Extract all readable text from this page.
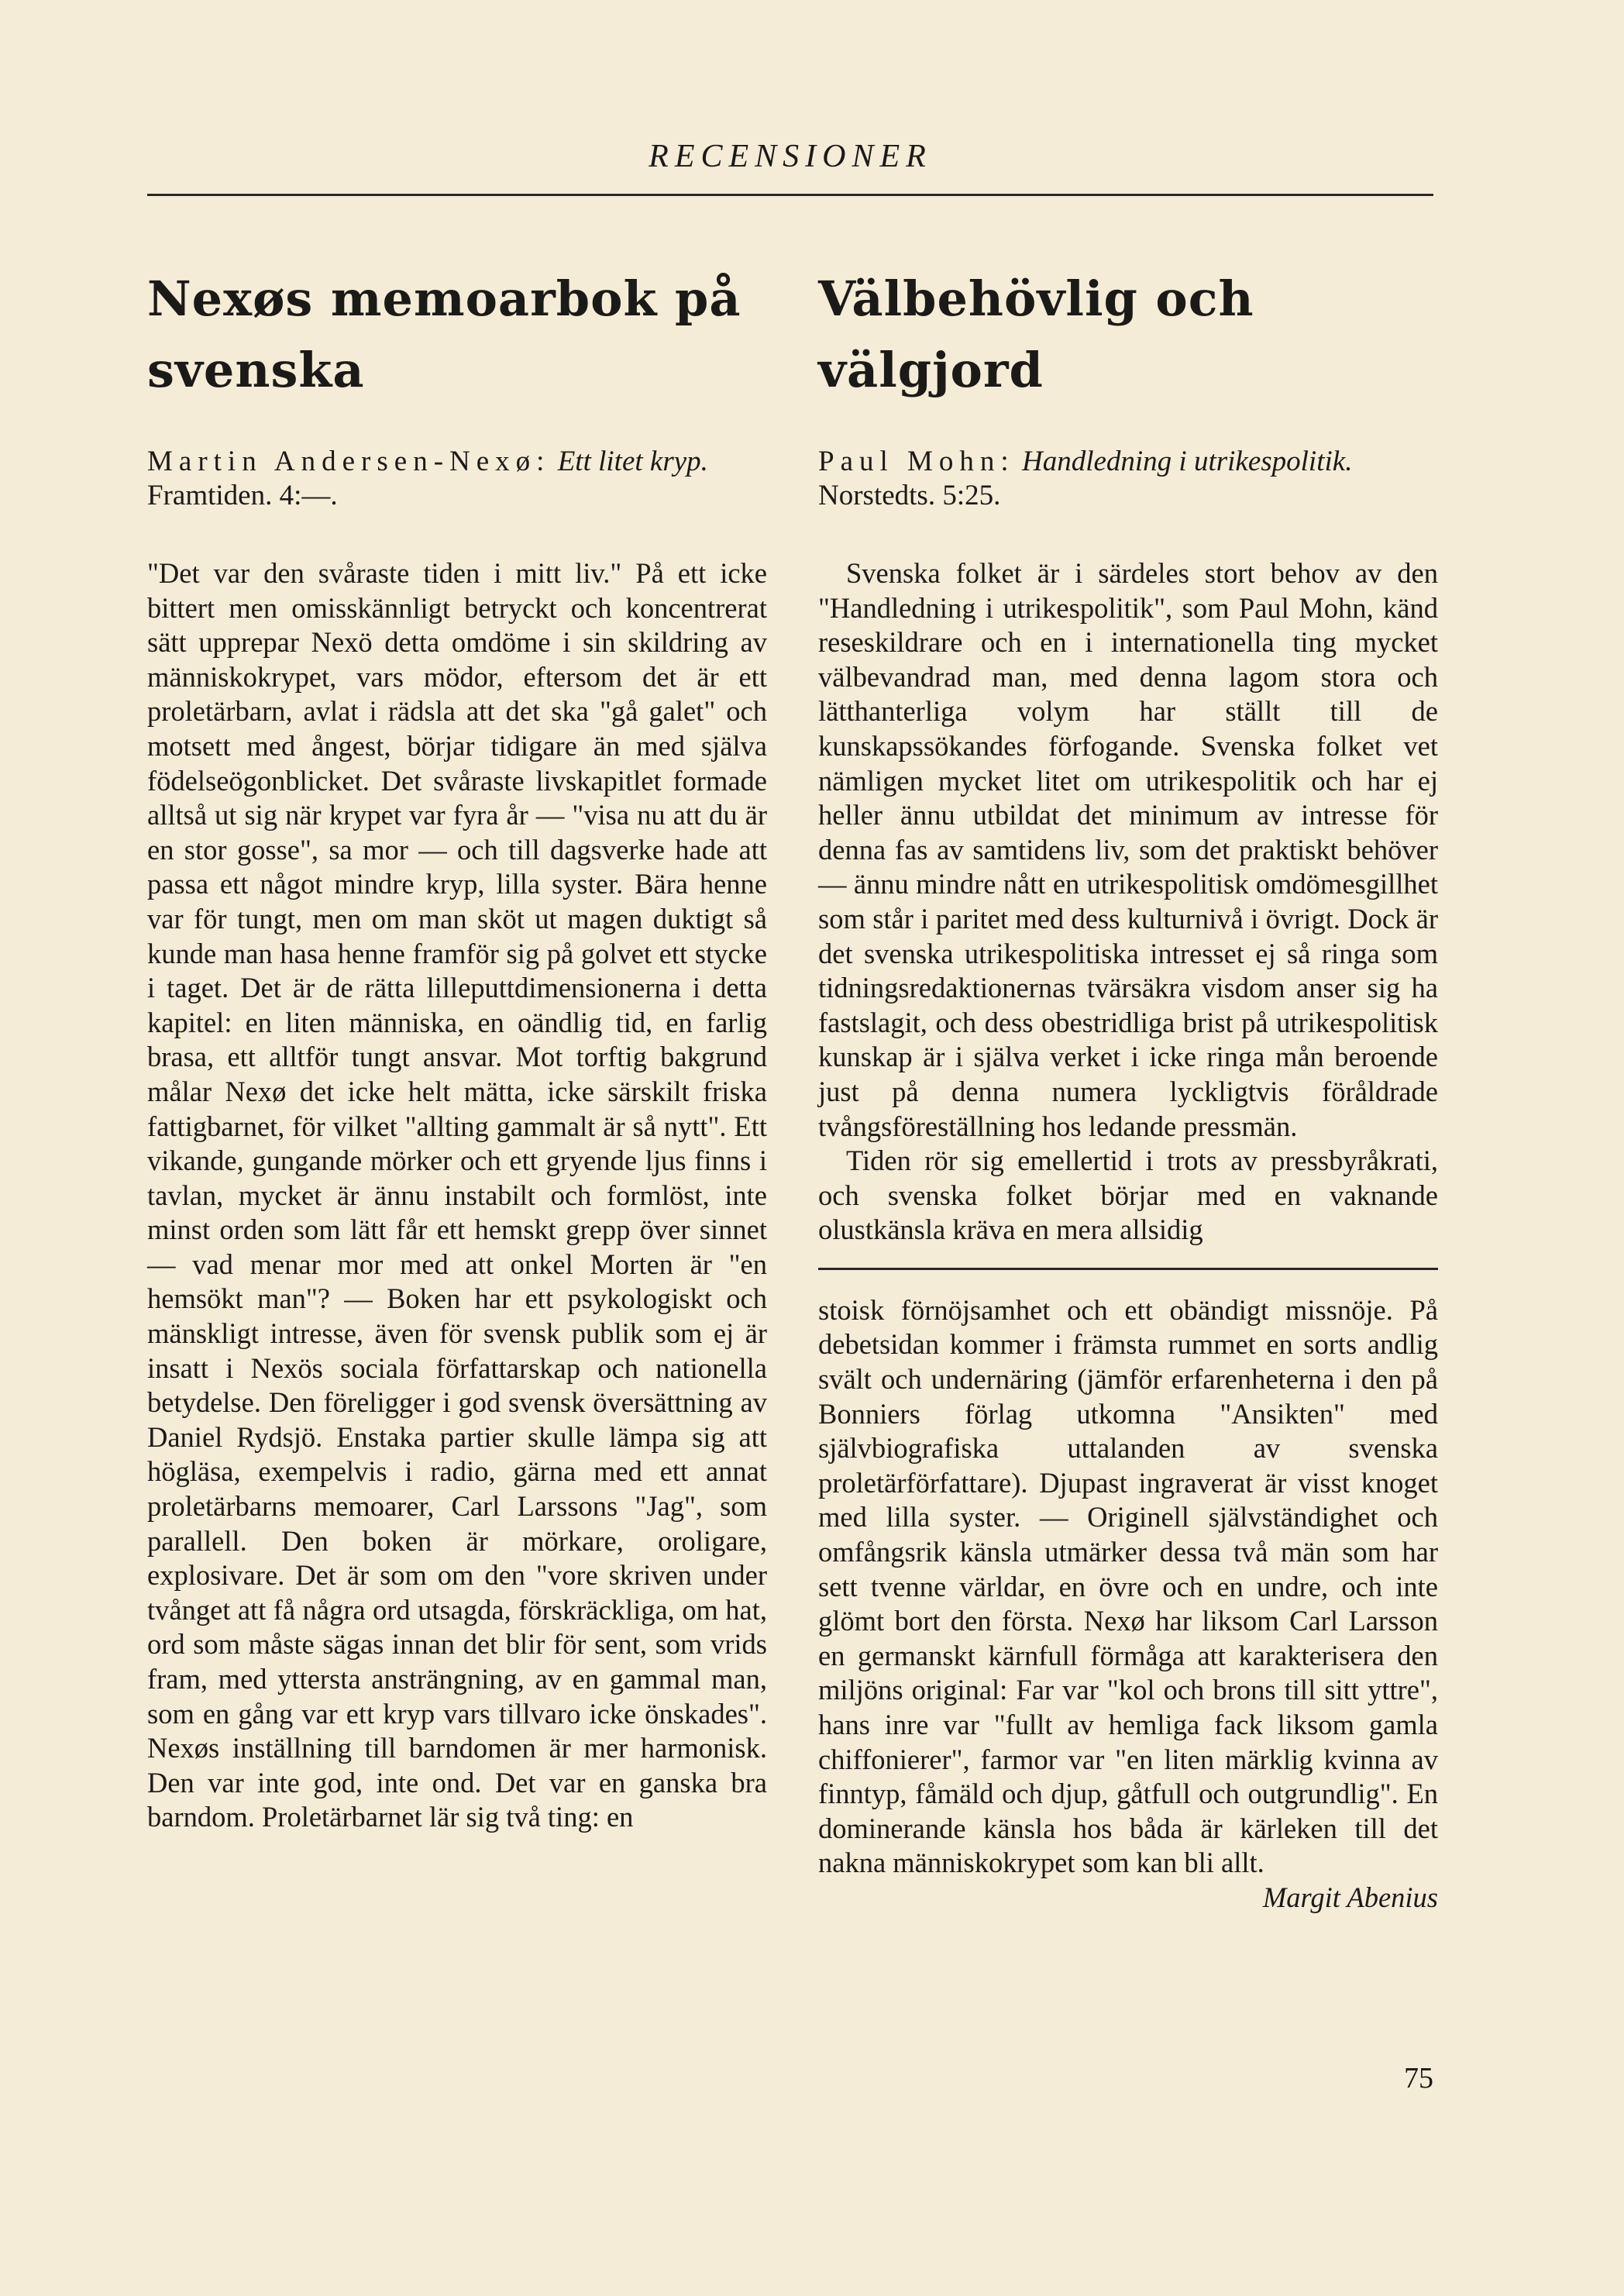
RECENSIONER
Nexøs memoarbok på svenska

Martin Andersen-Nexø: Ett litet kryp. Framtiden. 4:—.

"Det var den svåraste tiden i mitt liv." På ett icke bittert men omisskännligt betryckt och koncentrerat sätt upprepar Nexö detta omdöme i sin skildring av människokrypet, vars mödor, eftersom det är ett proletärbarn, avlat i rädsla att det ska "gå galet" och motsett med ångest, börjar tidigare än med själva födelseögonblicket. Det svåraste livskapitlet formade alltså ut sig när krypet var fyra år — "visa nu att du är en stor gosse", sa mor — och till dagsverke hade att passa ett något mindre kryp, lilla syster. Bära henne var för tungt, men om man sköt ut magen duktigt så kunde man hasa henne framför sig på golvet ett stycke i taget. Det är de rätta lilleputtdimensionerna i detta kapitel: en liten människa, en oändlig tid, en farlig brasa, ett alltför tungt ansvar. Mot torftig bakgrund målar Nexø det icke helt mätta, icke särskilt friska fattigbarnet, för vilket "allting gammalt är så nytt". Ett vikande, gungande mörker och ett gryende ljus finns i tavlan, mycket är ännu instabilt och formlöst, inte minst orden som lätt får ett hemskt grepp över sinnet — vad menar mor med att onkel Morten är "en hemsökt man"? — Boken har ett psykologiskt och mänskligt intresse, även för svensk publik som ej är insatt i Nexös sociala författarskap och nationella betydelse. Den föreligger i god svensk översättning av Daniel Rydsjö. Enstaka partier skulle lämpa sig att högläsa, exempelvis i radio, gärna med ett annat proletärbarns memoarer, Carl Larssons "Jag", som parallell. Den boken är mörkare, oroligare, explosivare. Det är som om den "vore skriven under tvånget att få några ord utsagda, förskräckliga, om hat, ord som måste sägas innan det blir för sent, som vrids fram, med yttersta ansträngning, av en gammal man, som en gång var ett kryp vars tillvaro icke önskades". Nexøs inställning till barndomen är mer harmonisk. Den var inte god, inte ond. Det var en ganska bra barndom. Proletärbarnet lär sig två ting: en

Välbehövlig och välgjord

Paul Mohn: Handledning i utrikespolitik. Norstedts. 5:25.

Svenska folket är i särdeles stort behov av den "Handledning i utrikespolitik", som Paul Mohn, känd reseskildrare och en i internationella ting mycket välbevandrad man, med denna lagom stora och lätthanterliga volym har ställt till de kunskapssökandes förfogande. Svenska folket vet nämligen mycket litet om utrikespolitik och har ej heller ännu utbildat det minimum av intresse för denna fas av samtidens liv, som det praktiskt behöver — ännu mindre nått en utrikespolitisk omdömesgillhet som står i paritet med dess kulturnivå i övrigt. Dock är det svenska utrikespolitiska intresset ej så ringa som tidningsredaktionernas tvärsäkra visdom anser sig ha fastslagit, och dess obestridliga brist på utrikespolitisk kunskap är i själva verket i icke ringa mån beroende just på denna numera lyckligtvis föråldrade tvångsföreställning hos ledande pressmän.

Tiden rör sig emellertid i trots av pressbyråkrati, och svenska folket börjar med en vaknande olustkänsla kräva en mera allsidig

stoisk förnöjsamhet och ett obändigt missnöje. På debetsidan kommer i främsta rummet en sorts andlig svält och undernäring (jämför erfarenheterna i den på Bonniers förlag utkomna "Ansikten" med självbiografiska uttalanden av svenska proletärförfattare). Djupast ingraverat är visst knoget med lilla syster. — Originell självständighet och omfångsrik känsla utmärker dessa två män som har sett tvenne världar, en övre och en undre, och inte glömt bort den första. Nexø har liksom Carl Larsson en germanskt kärnfull förmåga att karakterisera den miljöns original: Far var "kol och brons till sitt yttre", hans inre var "fullt av hemliga fack liksom gamla chiffonierer", farmor var "en liten märklig kvinna av finntyp, fåmäld och djup, gåtfull och outgrundlig". En dominerande känsla hos båda är kärleken till det nakna människokrypet som kan bli allt.

Margit Abenius
75
